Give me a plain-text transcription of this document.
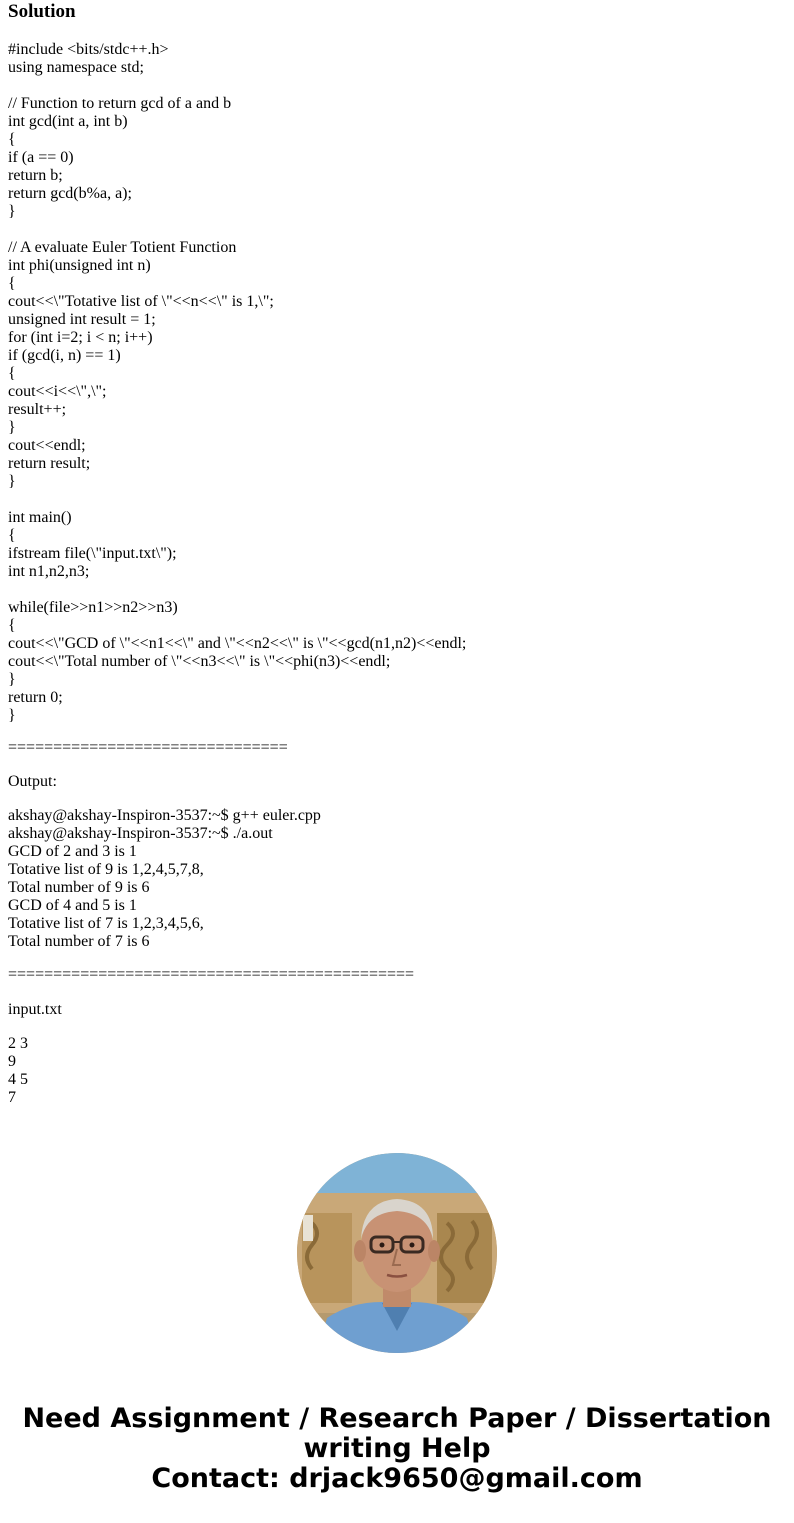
Solution
#include <bits/stdc++.h>
using namespace std;

// Function to return gcd of a and b
int gcd(int a, int b)
{
if (a == 0)
return b;
return gcd(b%a, a);
}

// A evaluate Euler Totient Function
int phi(unsigned int n)
{
cout<<\"Totative list of \"<<n<<\" is 1,\";
unsigned int result = 1;
for (int i=2; i < n; i++)
if (gcd(i, n) == 1)
{
cout<<i<<\",\";
result++;
}
cout<<endl;
return result;
}

int main()
{
ifstream file(\"input.txt\");
int n1,n2,n3;

while(file>>n1>>n2>>n3)
{
cout<<\"GCD of \"<<n1<<\" and \"<<n2<<\" is \"<<gcd(n1,n2)<<endl;
cout<<\"Total number of \"<<n3<<\" is \"<<phi(n3)<<endl;
}
return 0;
}
===============================
Output:
akshay@akshay-Inspiron-3537:~$ g++ euler.cpp
akshay@akshay-Inspiron-3537:~$ ./a.out
GCD of 2 and 3 is 1
Totative list of 9 is 1,2,4,5,7,8,
Total number of 9 is 6
GCD of 4 and 5 is 1
Totative list of 7 is 1,2,3,4,5,6,
Total number of 7 is 6
=============================================
input.txt
2 3
9
4 5
7

Need Assignment / Research Paper / Dissertation
writing Help
Contact: drjack9650@gmail.com
